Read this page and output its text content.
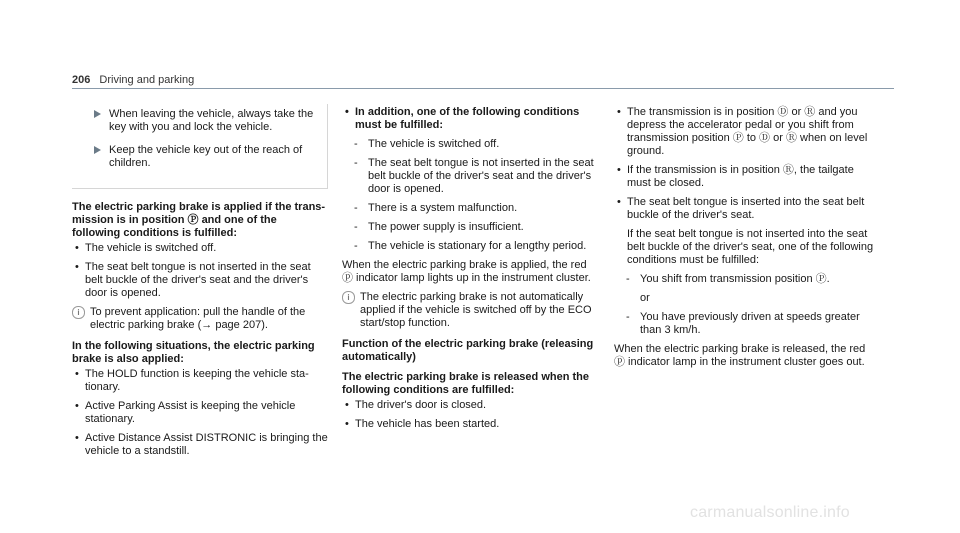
206 Driving and parking
When leaving the vehicle, always take the key with you and lock the vehicle.
Keep the vehicle key out of the reach of children.
The electric parking brake is applied if the transmission is in position Ⓟ and one of the following conditions is fulfilled:
• The vehicle is switched off.
• The seat belt tongue is not inserted in the seat belt buckle of the driver's seat and the driver's door is opened.
i To prevent application: pull the handle of the electric parking brake (→ page 207).
In the following situations, the electric parking brake is also applied:
• The HOLD function is keeping the vehicle stationary.
• Active Parking Assist is keeping the vehicle stationary.
• Active Distance Assist DISTRONIC is bringing the vehicle to a standstill.
• In addition, one of the following conditions must be fulfilled:
- The vehicle is switched off.
- The seat belt tongue is not inserted in the seat belt buckle of the driver's seat and the driver's door is opened.
- There is a system malfunction.
- The power supply is insufficient.
- The vehicle is stationary for a lengthy period.

When the electric parking brake is applied, the red ⓟ indicator lamp lights up in the instrument cluster.

i The electric parking brake is not automatically applied if the vehicle is switched off by the ECO start/stop function.
Function of the electric parking brake (releasing automatically)
The electric parking brake is released when the following conditions are fulfilled:
• The driver's door is closed.
• The vehicle has been started.
• The transmission is in position Ⓓ or Ⓡ and you depress the accelerator pedal or you shift from transmission position Ⓟ to Ⓓ or Ⓡ when on level ground.
• If the transmission is in position Ⓡ, the tailgate must be closed.
• The seat belt tongue is inserted into the seat belt buckle of the driver's seat.
If the seat belt tongue is not inserted into the seat belt buckle of the driver's seat, one of the following conditions must be fulfilled:
- You shift from transmission position Ⓟ.
or
- You have previously driven at speeds greater than 3 km/h.

When the electric parking brake is released, the red ⓟ indicator lamp in the instrument cluster goes out.

carmanualsonline.info
